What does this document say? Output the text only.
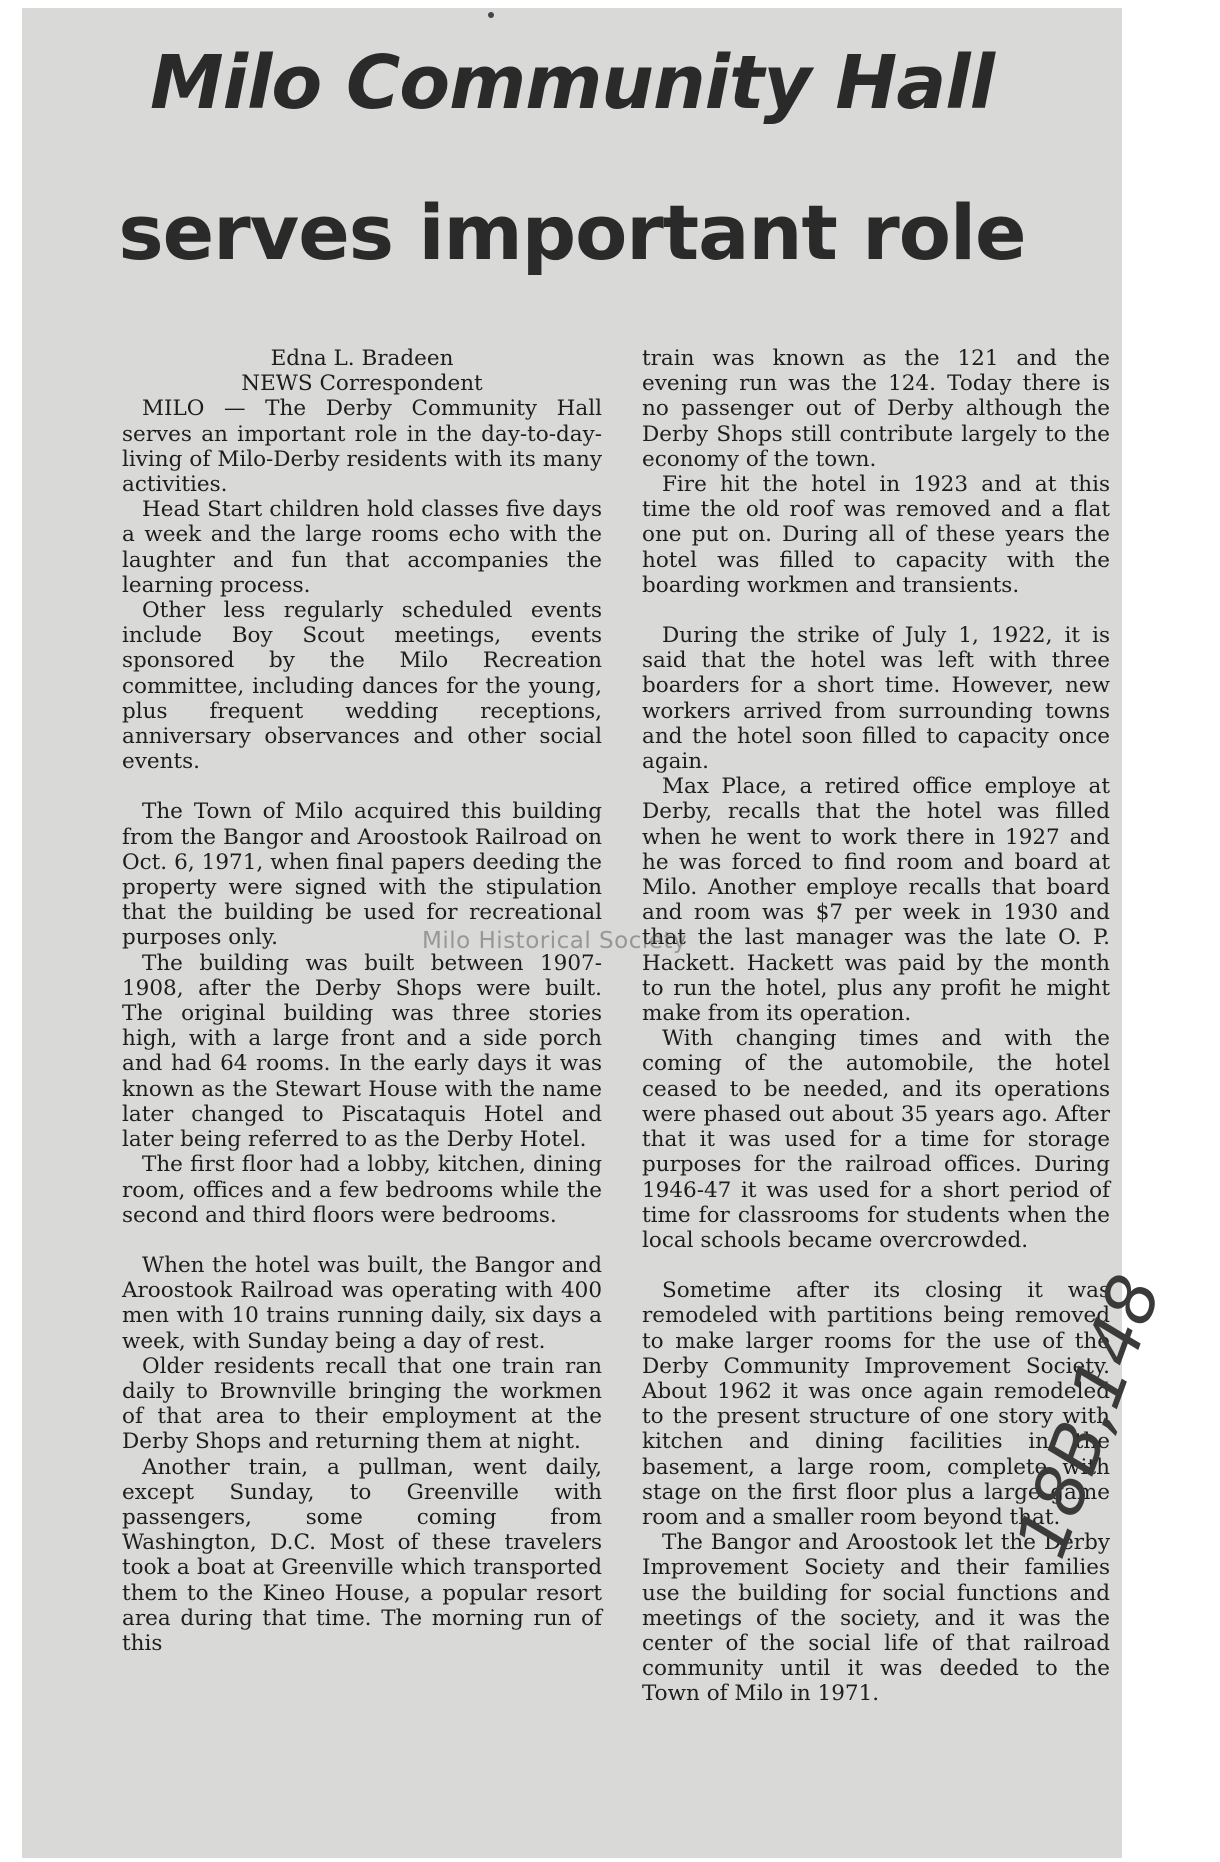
Milo Community Hall
serves important role

Edna L. Bradeen

NEWS Correspondent

MILO — The Derby Community Hall serves an important role in the day-to-day-living of Milo-Derby residents with its many activities.

Head Start children hold classes five days a week and the large rooms echo with the laughter and fun that accompanies the learning process.

Other less regularly scheduled events include Boy Scout meetings, events sponsored by the Milo Recreation committee, including dances for the young, plus frequent wedding receptions, anniversary observances and other social events.

The Town of Milo acquired this building from the Bangor and Aroostook Railroad on Oct. 6, 1971, when final papers deeding the property were signed with the stipulation that the building be used for recreational purposes only.

The building was built between 1907-1908, after the Derby Shops were built. The original building was three stories high, with a large front and a side porch and had 64 rooms. In the early days it was known as the Stewart House with the name later changed to Piscataquis Hotel and later being referred to as the Derby Hotel.

The first floor had a lobby, kitchen, dining room, offices and a few bedrooms while the second and third floors were bedrooms.

When the hotel was built, the Bangor and Aroostook Railroad was operating with 400 men with 10 trains running daily, six days a week, with Sunday being a day of rest.

Older residents recall that one train ran daily to Brownville bringing the workmen of that area to their employment at the Derby Shops and returning them at night.

Another train, a pullman, went daily, except Sunday, to Greenville with passengers, some coming from Washington, D.C. Most of these travelers took a boat at Greenville which transported them to the Kineo House, a popular resort area during that time. The morning run of this

train was known as the 121 and the evening run was the 124. Today there is no passenger out of Derby although the Derby Shops still contribute largely to the economy of the town.

Fire hit the hotel in 1923 and at this time the old roof was removed and a flat one put on. During all of these years the hotel was filled to capacity with the boarding workmen and transients.

During the strike of July 1, 1922, it is said that the hotel was left with three boarders for a short time. However, new workers arrived from surrounding towns and the hotel soon filled to capacity once again.

Max Place, a retired office employe at Derby, recalls that the hotel was filled when he went to work there in 1927 and he was forced to find room and board at Milo. Another employe recalls that board and room was $7 per week in 1930 and that the last manager was the late O. P. Hackett. Hackett was paid by the month to run the hotel, plus any profit he might make from its operation.

With changing times and with the coming of the automobile, the hotel ceased to be needed, and its operations were phased out about 35 years ago. After that it was used for a time for storage purposes for the railroad offices. During 1946-47 it was used for a short period of time for classrooms for students when the local schools became overcrowded.

Sometime after its closing it was remodeled with partitions being removed to make larger rooms for the use of the Derby Community Improvement Society. About 1962 it was once again remodeled to the present structure of one story with kitchen and dining facilities in the basement, a large room, complete with stage on the first floor plus a large game room and a smaller room beyond that.

The Bangor and Aroostook let the Derby Improvement Society and their families use the building for social functions and meetings of the society, and it was the center of the social life of that railroad community until it was deeded to the Town of Milo in 1971.

Milo Historical Society
18B,148
